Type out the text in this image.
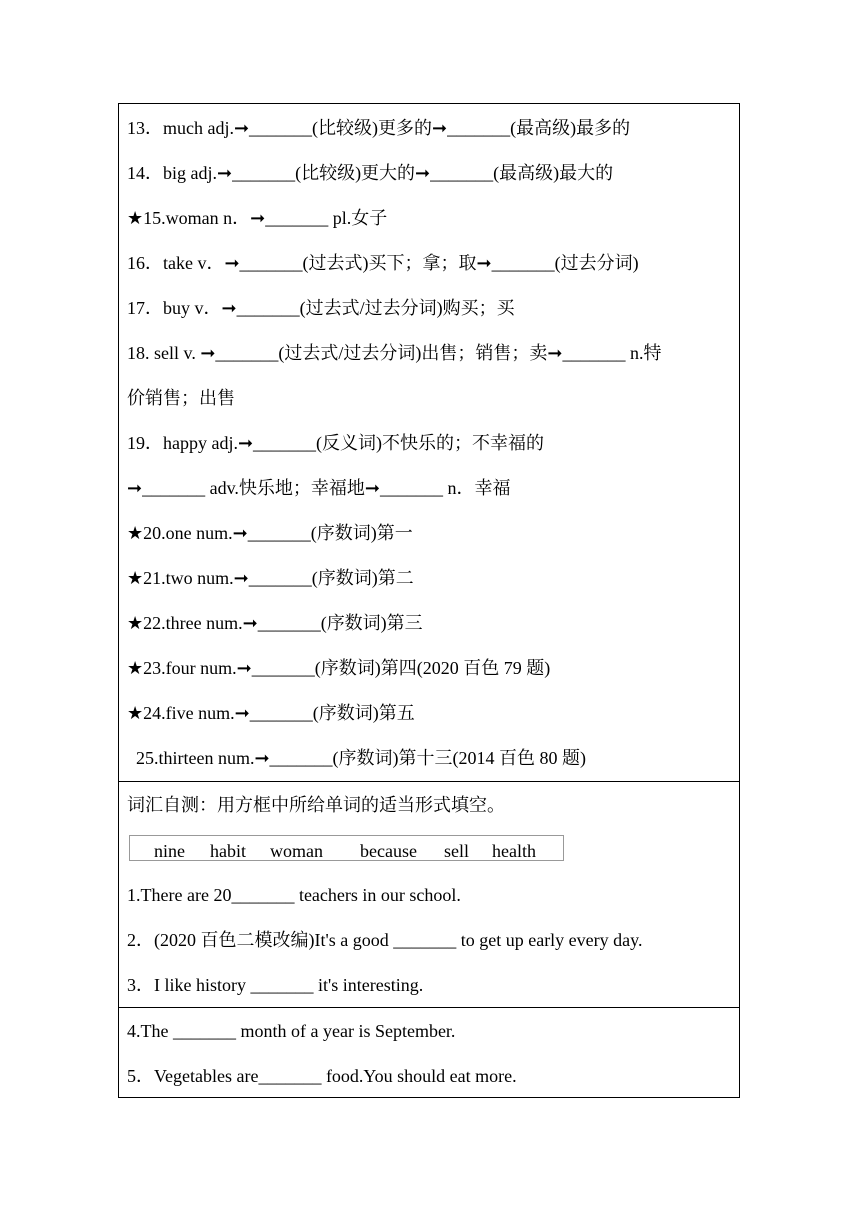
13．much adj.➞_______(比较级)更多的➞_______(最高级)最多的
14．big adj.➞_______(比较级)更大的➞_______(最高级)最大的
★15.woman n．➞_______ pl.女子
16．take v．➞_______(过去式)买下；拿；取➞_______(过去分词)
17．buy v．➞_______(过去式/过去分词)购买；买
18. sell v. ➞_______(过去式/过去分词)出售；销售；卖➞_______ n.特
价销售；出售
19．happy adj.➞_______(反义词)不快乐的；不幸福的
➞_______ adv.快乐地；幸福地➞_______ n．幸福
★20.one num.➞_______(序数词)第一
★21.two num.➞_______(序数词)第二
★22.three num.➞_______(序数词)第三
★23.four num.➞_______(序数词)第四(2020 百色 79 题)
★24.five num.➞_______(序数词)第五
25.thirteen num.➞_______(序数词)第十三(2014 百色 80 题)
词汇自测：用方框中所给单词的适当形式填空。
nine habit woman because sell health
1.There are 20_______ teachers in our school.
2．(2020 百色二模改编)It's a good _______ to get up early every day.
3．I like history _______ it's interesting.
4.The _______ month of a year is September.
5．Vegetables are_______ food.You should eat more.
